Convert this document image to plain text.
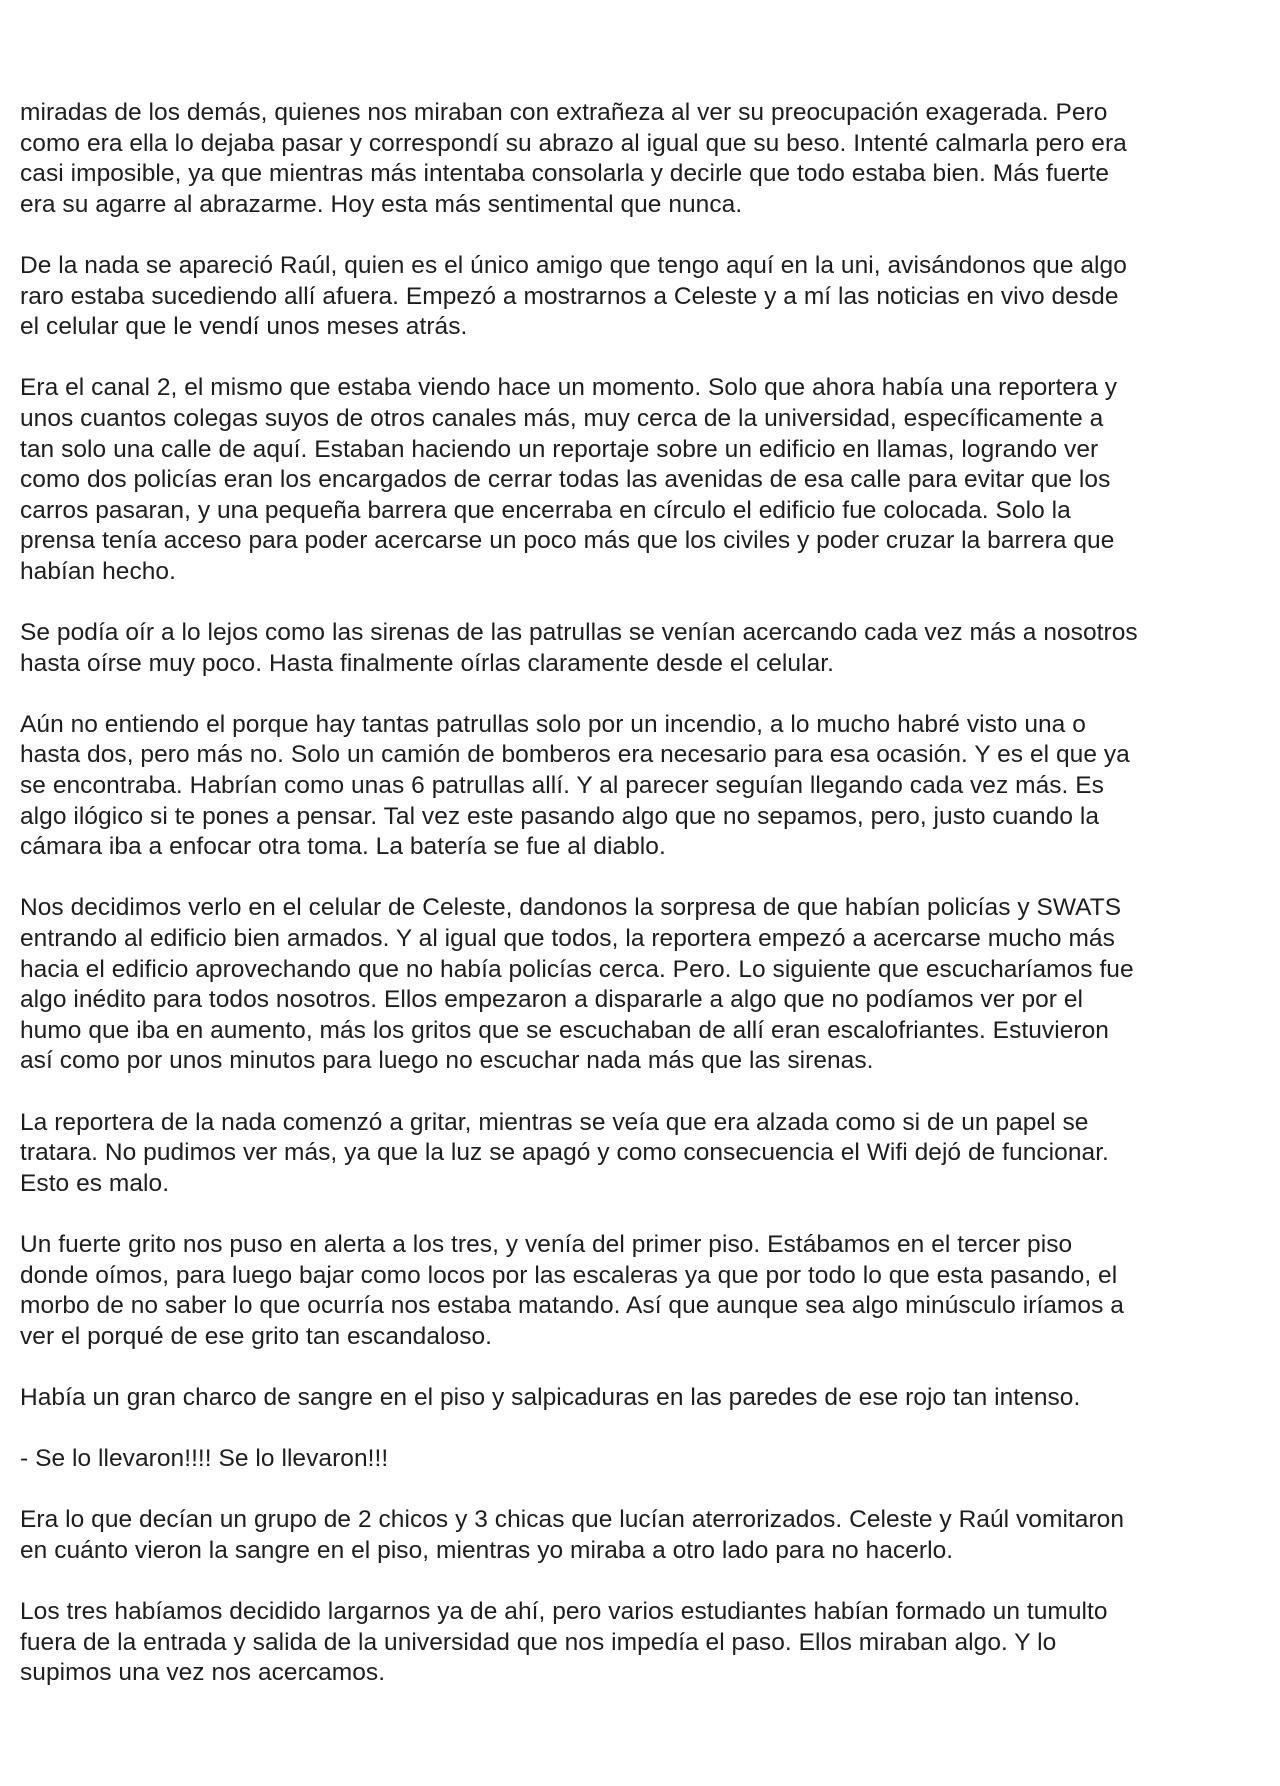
miradas de los demás, quienes nos miraban con extrañeza al ver su preocupación exagerada. Pero
como era ella lo dejaba pasar y correspondí su abrazo al igual que su beso. Intenté calmarla pero era
casi imposible, ya que mientras más intentaba consolarla y decirle que todo estaba bien. Más fuerte
era su agarre al abrazarme. Hoy esta más sentimental que nunca.

De la nada se apareció Raúl, quien es el único amigo que tengo aquí en la uni, avisándonos que algo
raro estaba sucediendo allí afuera. Empezó a mostrarnos a Celeste y a mí las noticias en vivo desde
el celular que le vendí unos meses atrás.

Era el canal 2, el mismo que estaba viendo hace un momento. Solo que ahora había una reportera y
unos cuantos colegas suyos de otros canales más, muy cerca de la universidad, específicamente a
tan solo una calle de aquí. Estaban haciendo un reportaje sobre un edificio en llamas, logrando ver
como dos policías eran los encargados de cerrar todas las avenidas de esa calle para evitar que los
carros pasaran, y una pequeña barrera que encerraba en círculo el edificio fue colocada. Solo la
prensa tenía acceso para poder acercarse un poco más que los civiles y poder cruzar la barrera que
habían hecho.

Se podía oír a lo lejos como las sirenas de las patrullas se venían acercando cada vez más a nosotros
hasta oírse muy poco. Hasta finalmente oírlas claramente desde el celular.

Aún no entiendo el porque hay tantas patrullas solo por un incendio, a lo mucho habré visto una o
hasta dos, pero más no. Solo un camión de bomberos era necesario para esa ocasión. Y es el que ya
se encontraba. Habrían como unas 6 patrullas allí. Y al parecer seguían llegando cada vez más. Es
algo ilógico si te pones a pensar. Tal vez este pasando algo que no sepamos, pero, justo cuando la
cámara iba a enfocar otra toma. La batería se fue al diablo.

Nos decidimos verlo en el celular de Celeste, dandonos la sorpresa de que habían policías y SWATS
entrando al edificio bien armados. Y al igual que todos, la reportera empezó a acercarse mucho más
hacia el edificio aprovechando que no había policías cerca. Pero. Lo siguiente que escucharíamos fue
algo inédito para todos nosotros. Ellos empezaron a dispararle a algo que no podíamos ver por el
humo que iba en aumento, más los gritos que se escuchaban de allí eran escalofriantes. Estuvieron
así como por unos minutos para luego no escuchar nada más que las sirenas.

La reportera de la nada comenzó a gritar, mientras se veía que era alzada como si de un papel se
tratara. No pudimos ver más, ya que la luz se apagó y como consecuencia el Wifi dejó de funcionar.
Esto es malo.

Un fuerte grito nos puso en alerta a los tres, y venía del primer piso. Estábamos en el tercer piso
donde oímos, para luego bajar como locos por las escaleras ya que por todo lo que esta pasando, el
morbo de no saber lo que ocurría nos estaba matando. Así que aunque sea algo minúsculo iríamos a
ver el porqué de ese grito tan escandaloso.

Había un gran charco de sangre en el piso y salpicaduras en las paredes de ese rojo tan intenso.

- Se lo llevaron!!!! Se lo llevaron!!!

Era lo que decían un grupo de 2 chicos y 3 chicas que lucían aterrorizados. Celeste y Raúl vomitaron
en cuánto vieron la sangre en el piso, mientras yo miraba a otro lado para no hacerlo.

Los tres habíamos decidido largarnos ya de ahí, pero varios estudiantes habían formado un tumulto
fuera de la entrada y salida de la universidad que nos impedía el paso. Ellos miraban algo. Y lo
supimos una vez nos acercamos.
